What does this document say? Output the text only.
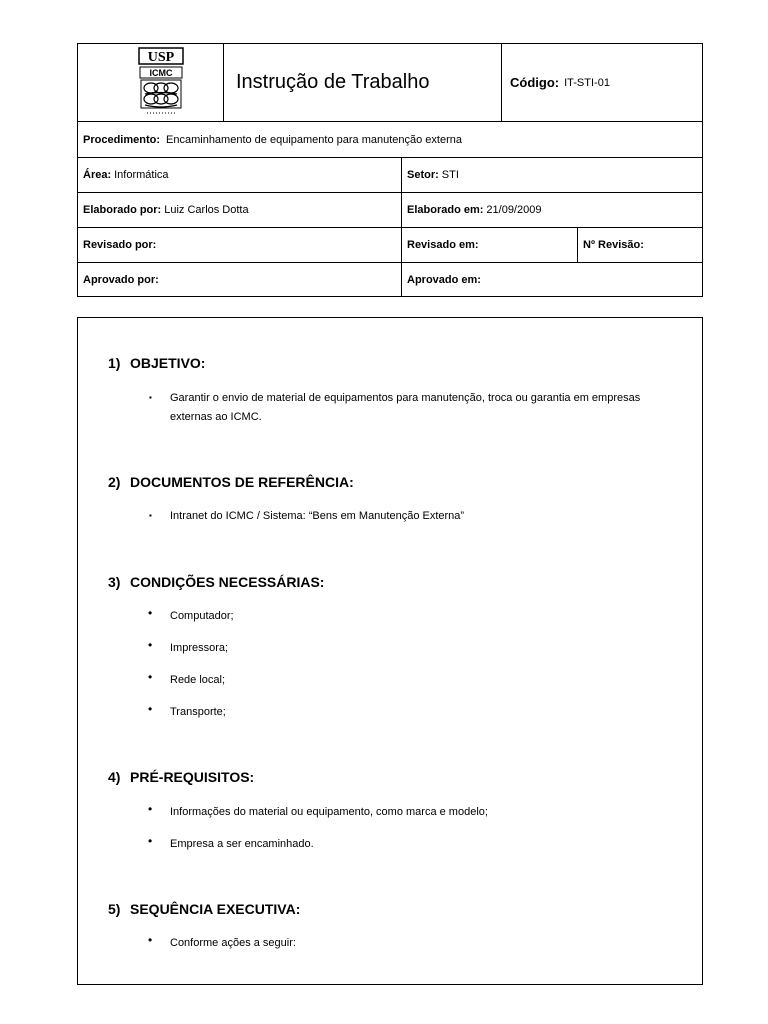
USP
ICMC	Instrução de Trabalho	Código: IT-STI-01
Procedimento: Encaminhamento de equipamento para manutenção externa
Área: Informática	Setor: STI
Elaborado por: Luiz Carlos Dotta	Elaborado em: 21/09/2009
Revisado por:	Revisado em:	Nº Revisão:
Aprovado por:	Aprovado em:
1) OBJETIVO:
▪ Garantir o envio de material de equipamentos para manutenção, troca ou garantia em empresas
externas ao ICMC.
2) DOCUMENTOS DE REFERÊNCIA:
▪ Intranet do ICMC / Sistema: “Bens em Manutenção Externa”
3) CONDIÇÕES NECESSÁRIAS:
• Computador;
• Impressora;
• Rede local;
• Transporte;
4) PRÉ-REQUISITOS:
• Informações do material ou equipamento, como marca e modelo;
• Empresa a ser encaminhado.
5) SEQUÊNCIA EXECUTIVA:
• Conforme ações a seguir:
